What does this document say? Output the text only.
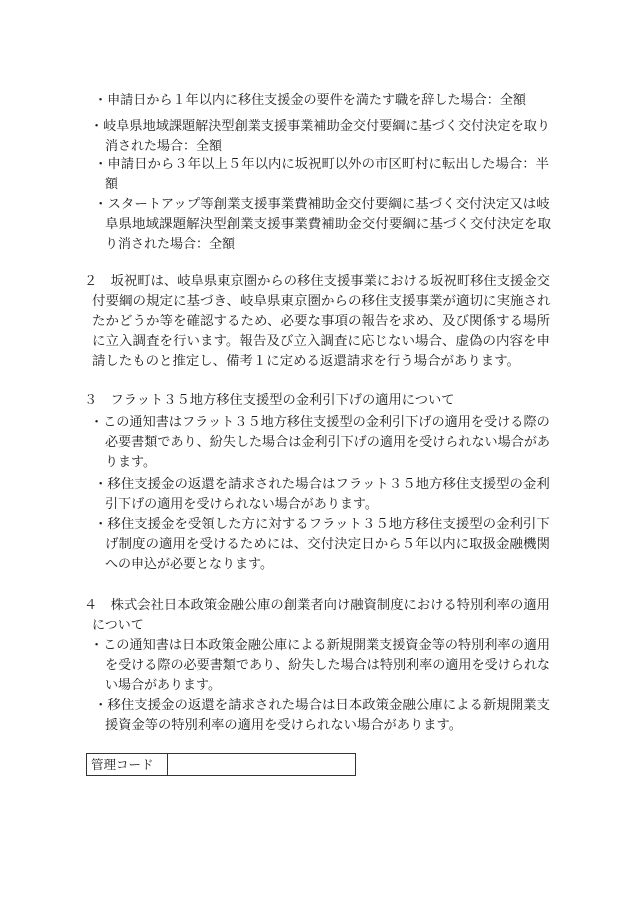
・申請日から１年以内に移住支援金の要件を満たす職を辞した場合：全額
・岐阜県地域課題解決型創業支援事業補助金交付要綱に基づく交付決定を取り
消された場合：全額
・申請日から３年以上５年以内に坂祝町以外の市区町村に転出した場合：半
額
・スタートアップ等創業支援事業費補助金交付要綱に基づく交付決定又は岐
阜県地域課題解決型創業支援事業費補助金交付要綱に基づく交付決定を取
り消された場合：全額
２　坂祝町は、岐阜県東京圏からの移住支援事業における坂祝町移住支援金交
付要綱の規定に基づき、岐阜県東京圏からの移住支援事業が適切に実施され
たかどうか等を確認するため、必要な事項の報告を求め、及び関係する場所
に立入調査を行います。報告及び立入調査に応じない場合、虚偽の内容を申
請したものと推定し、備考１に定める返還請求を行う場合があります。
３　フラット３５地方移住支援型の金利引下げの適用について
・この通知書はフラット３５地方移住支援型の金利引下げの適用を受ける際の
必要書類であり、紛失した場合は金利引下げの適用を受けられない場合があ
ります。
・移住支援金の返還を請求された場合はフラット３５地方移住支援型の金利
引下げの適用を受けられない場合があります。
・移住支援金を受領した方に対するフラット３５地方移住支援型の金利引下
げ制度の適用を受けるためには、交付決定日から５年以内に取扱金融機関
への申込が必要となります。
４　株式会社日本政策金融公庫の創業者向け融資制度における特別利率の適用
について
・この通知書は日本政策金融公庫による新規開業支援資金等の特別利率の適用
を受ける際の必要書類であり、紛失した場合は特別利率の適用を受けられな
い場合があります。
・移住支援金の返還を請求された場合は日本政策金融公庫による新規開業支
援資金等の特別利率の適用を受けられない場合があります。
管理コード	
